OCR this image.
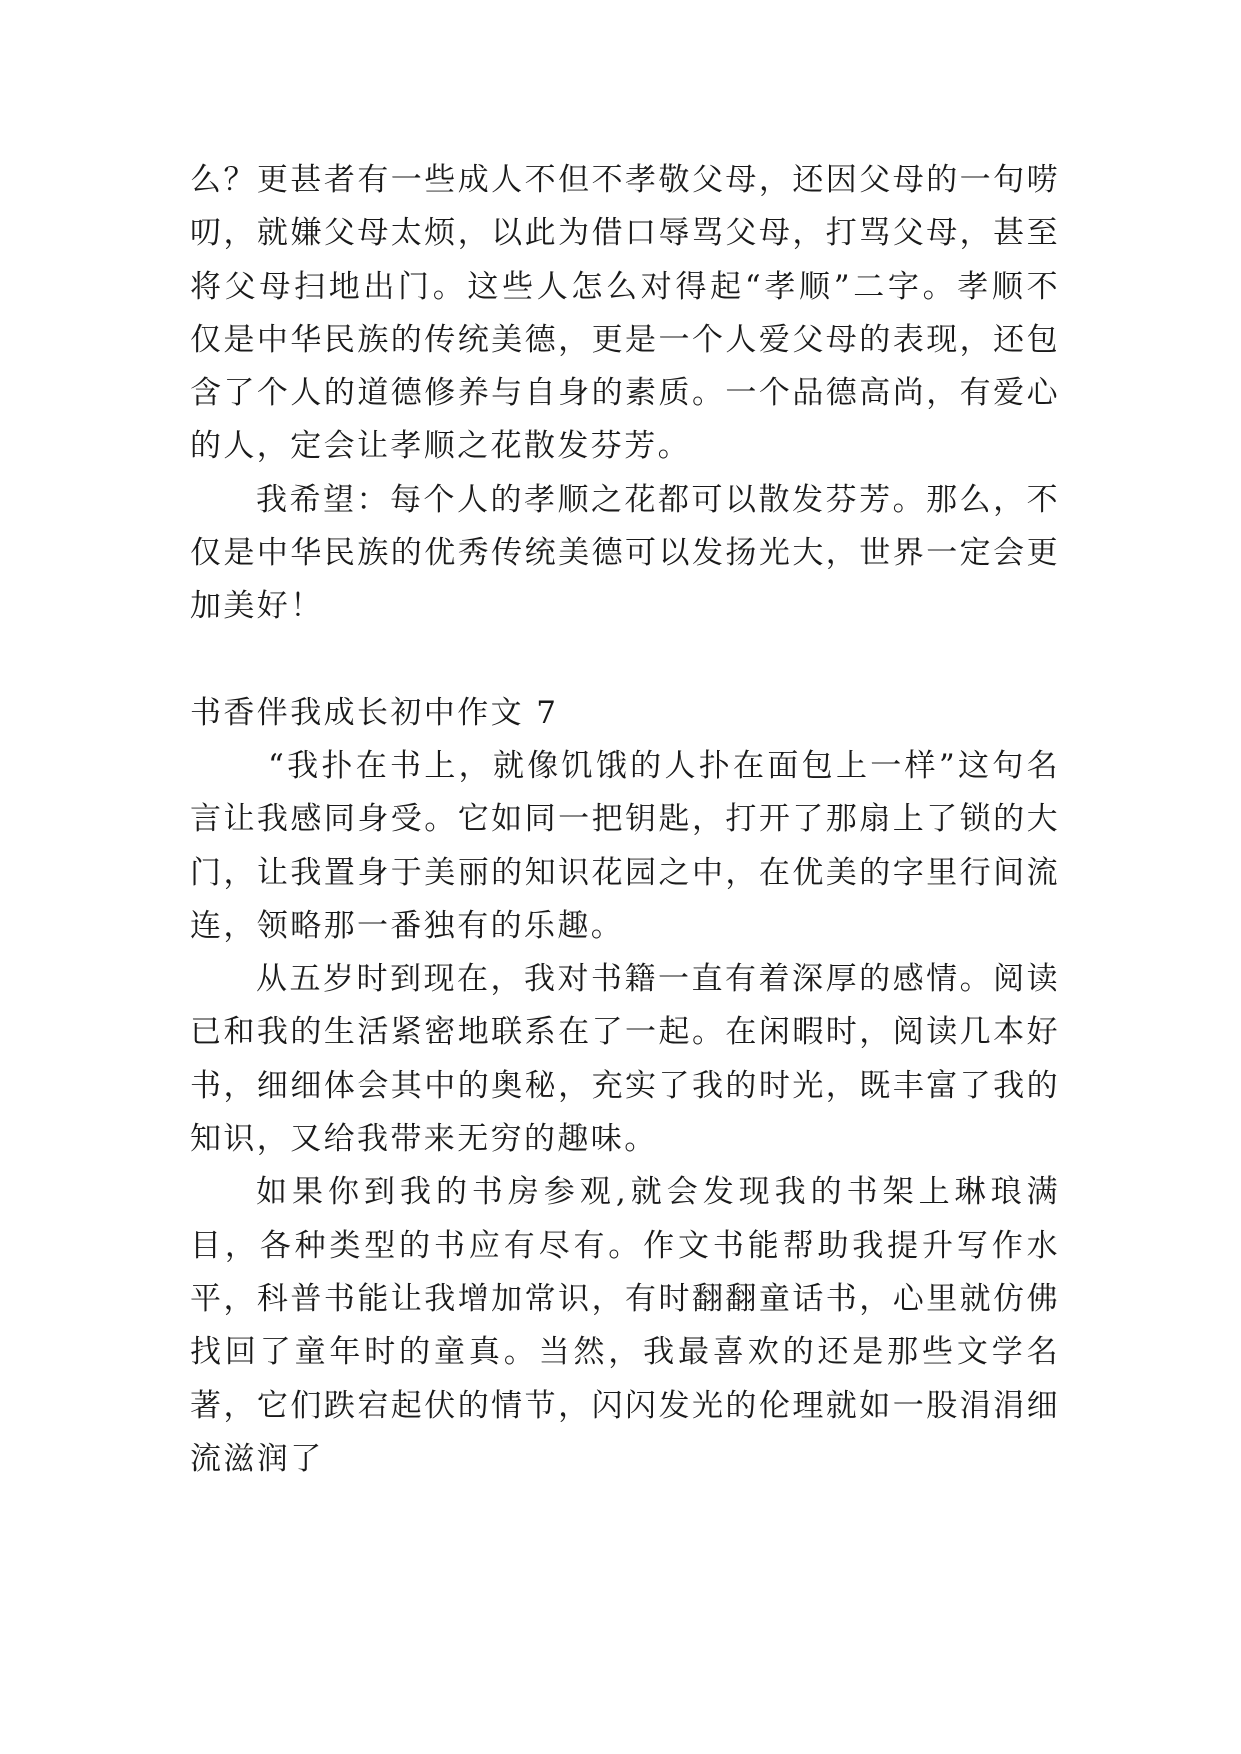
么？更甚者有一些成人不但不孝敬父母，还因父母的一句唠叨，就嫌父母太烦，以此为借口辱骂父母，打骂父母，甚至将父母扫地出门。这些人怎么对得起“孝顺”二字。孝顺不仅是中华民族的传统美德，更是一个人爱父母的表现，还包含了个人的道德修养与自身的素质。一个品德高尚，有爱心的人，定会让孝顺之花散发芬芳。

我希望：每个人的孝顺之花都可以散发芬芳。那么，不仅是中华民族的优秀传统美德可以发扬光大，世界一定会更加美好！

书香伴我成长初中作文 7

“我扑在书上，就像饥饿的人扑在面包上一样”这句名言让我感同身受。它如同一把钥匙，打开了那扇上了锁的大门，让我置身于美丽的知识花园之中，在优美的字里行间流连，领略那一番独有的乐趣。

从五岁时到现在，我对书籍一直有着深厚的感情。阅读已和我的生活紧密地联系在了一起。在闲暇时，阅读几本好书，细细体会其中的奥秘，充实了我的时光，既丰富了我的知识，又给我带来无穷的趣味。

如果你到我的书房参观,就会发现我的书架上琳琅满目，各种类型的书应有尽有。作文书能帮助我提升写作水平，科普书能让我增加常识，有时翻翻童话书，心里就仿佛找回了童年时的童真。当然，我最喜欢的还是那些文学名著，它们跌宕起伏的情节，闪闪发光的伦理就如一股涓涓细流滋润了
